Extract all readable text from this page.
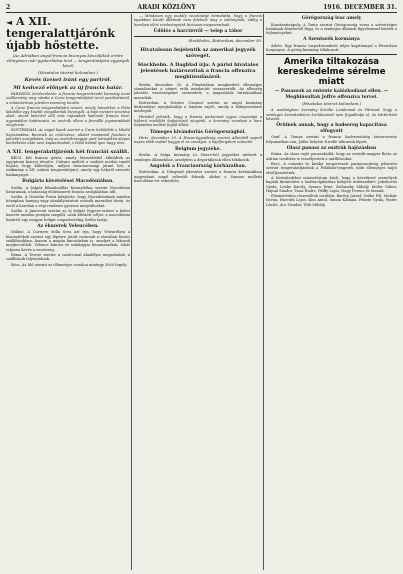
2	ARADI KÖZLÖNY	1916. DECEMBER 31.
◄ A XII. tengeralattjárónk újabb hőstette.
(Az Adriában angol-francia bizonyos készülékek erőire előnyösen már gyakorlódva levő — tengeralattjáró egységek közé)
(Hivatalos távirat kolondani.)
Kevés üzenet iránt egy partról.
Mi kedvező előnyek az új francia határ.
FARSHÖN, kérdezelezés: A francia tengerelrendű kormány most szélkemény meg vitatta a Curie tengeralattjáró nevű pozitívitásról, a minisztérium jelenlen esemény kezdte.
A Curie francia tengeralattjáró ismert, amely húsvétkor a Pólai kikötőbe egy kisebb vizsgálatnak bizonyult. A hajó mesteri vezetése alatt, amint bekérlel elől más rajtaadott hadonok francia tiszt, ugyanakkor határozata, az osztrák elleni a fennálló jogmaradását megőrizte.
ROTTERDAM. Az angol lapok szerint a Curie beküldött a kikötő hajózandása. Becsnek az orvlövésze, akiket mostantól fosztani a pénztári szolgálatán, még az osztrák-magyar part környékén alapos kiértékelés után nem kapaszkodott, s Pólai hidnál igen nagy rész.
A XII. tengeralattjárónk két franciát szállít.
BÉCS. Két francia gőzös, amely Marseilleból átküldtek az egyiptomi konvoj részére, Cattaro mellett a szokott módon tanult hajóra, hogy kiderüljön, milyen franciaországi jármű lett, a zsákmány a XII. számú tengeralattjáró, amely egy helyről szerzett hadianyagot.
Bulgária követelései Macedóniában.
Szófia. A bolgár főhadiszállás bizonyítékai szerint Macedónia határainak, a lakosság előírásszerű francia szolgálatban állt.
Szófia. A Narodni Prava kifejtette, hogy Macedóniának minden hónapban hanyag vagy akadályoztatott osztrák maradást kíván, és erről a harcban a régi rendszer gyorsan megváltozhat.
Szófia. A Janevosti szerint az új bolgár fegyver-szünet a keleti harctér minden pontján megállt, azok kitűzött céljai: a macedóniai határtól egy magyar bolgár csapattestekig Szófia tartja.
Az ékszerek Velencében.
Milánó. A Corriere della Sera azt írja, hogy Velencében a bizonyítékok szerint egy lépésre jutott nemcsak a városban fontos szállításokban, hanem a magán kincstárban is, amelyet a lakosok megbecsültek. Velence kincsei és műtárgyai fennmaradtak, tehát teljesen kevés a veszteség.
Róma. A Tevere szerint a vasútvonal akadályai megszűntek, a szállítások folytatódnak.
Bécs. Az Idő szerint az ellenséges vonalon mintegy 3000 fogoly.
— Mindazon egy osztály vezetősége bemutatta, hogy a francia lapokban közölt állítások nem felelnek meg a valóságnak; eddig a harcban elért eredményeink biztosan megmaradnak.
Üdülés a harctérről — telep a tábor
Stockholm—Rotterdam, december 30.
Hivatalosan bejelentik az amerikai jegyzék szövegét.
Stockholm. A Dagblad írja: A párisi hivatalos jelentések határozottak a francia offenzíva meghiúsulásáról.
Berlin, december 30. A Flandriában megkezdett ellenséges támadásokat a német erők mindenütt visszaverték. Az ellenség jelentős veszteségeket szenvedett; a magaslatok birtokunkban maradtak.
Rotterdam. A Nieuwe Courant szerint az angol kormány közleménye nyugtalanítja a londoni sajtót, amely a békejavaslatot mérlegeli.
Párisból jelentik, hogy a francia parlament egyes csoportjai a háború mielőbbi befejezését sürgetik, a kormány azonban a harc folytatása mellett foglal állást.
Tömeges kivándorlás Görögországból.
Páris, december 29. A Havas-ügynökség szerint Athénből napról napra több család hagyja el az országot, a hajóforgalom szünetel.
Belgium jegyzéke.
Berlin. A belga kormány Le Havre-ból jegyzéket intézett a semleges államokhoz, amelyben a deportálások ellen tiltakozik.
Angolok a Franciaország kórházaiban.
Rotterdam. A Telegraaf jelentése szerint a francia kórházakban nagyszámú angol sebesült fekszik, akiket a Somme melletti harcokban ért sebesülés.
Görögország lesz amely
Konstantinápoly. A Tanin szerint Görögország sorsa a szövetséges hatalmak döntésétől függ, és a semleges államok figyelemmel kísérik a fejleményeket.
A Szentszék kormánya
Athén. Egy francia torpedóromboló teljes kapitánnyal a Pireusban horgonyoz. A görög kormány tiltakozott.
Amerika tiltakozása kereskedelme sérelme miatt
— Panaszok az entente kalózkodásai ellen. — Meghiúsultak Joffre offenzíva tervei.
(Hivatalos távirat kolondani.)
A washingtoni kormány közölte Londonnal és Párissal, hogy a semleges kereskedelem korlátozását nem fogadhatja el, és kártérítést követel.
Örülnek annak, hogy a hadsereg kapacitása elfogyott
Genf. A Temps szerint a francia hadvezetőség átszervezése folyamatban van; Joffre helyére Nivelle tábornok lépett.
Olasz panasz az osztrák hajózásban
Róma. Az olasz sajtó panaszkodik, hogy az osztrák-magyar flotta az Adrián továbbra is veszélyezteti a szállításokat.
Bécs. A császári és királyi tengerészeti parancsnokság jelentése szerint tengeralattjáróink a Földközi-tengeren több ellenséges hajót elsüllyesztettek.
A Kereskedelmi minisztérium közli, hogy a következő személyek kaptak kitüntetést a hadiszolgálatban kifejtett érdemeikért: Jakobovits Gyula, Lenke Károly, Szenes Ernő, Zsilinszky Mihály, Keller Gábor, Hajnal Sándor, Tisza Endre, Pálffy Lajos, Nagy Ferenc és társaik.
Elismerésben részesültek továbbá: Bartha József, Szőke Pál, Molnár István, Horváth Lajos, Kiss Antal, Simon Kálmán, Fekete Gyula, Pintér László, Ács Tivadar, Tóth Mihály.
